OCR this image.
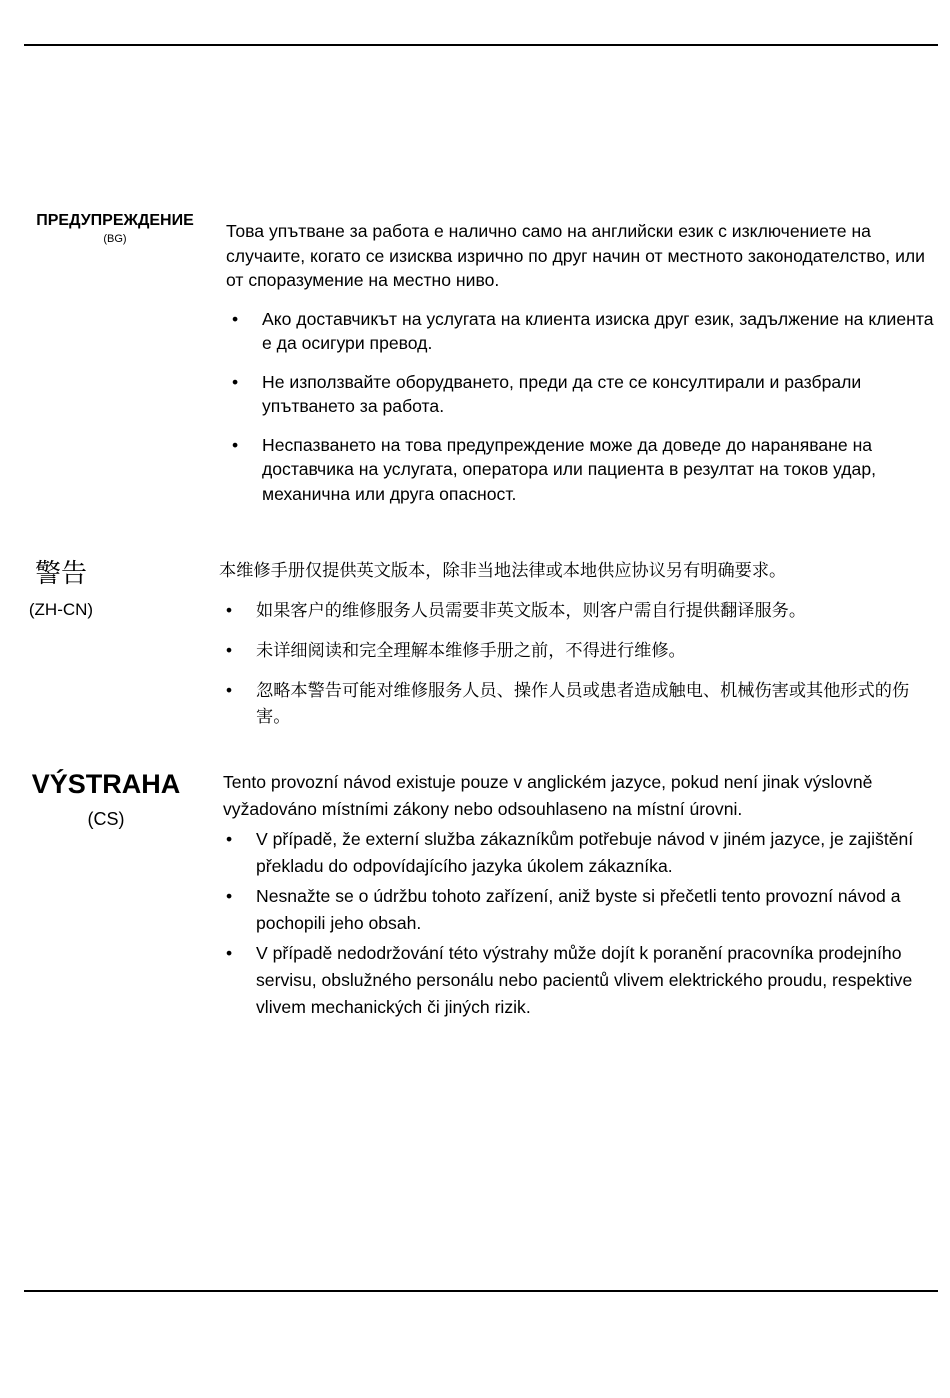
ПРЕДУПРЕЖДЕНИЕ
(BG)	Това упътване за работа е налично само на английски език с изключениeте на случаите, когато се изисква изрично по друг начин от местното законодателство, или от споразумение на местно ниво.

• Ако доставчикът на услугата на клиента изиска друг език, задължение на клиента е да осигури превод.
• Не използвайте оборудването, преди да сте се консултирали и разбрали упътването за работа.
• Неспазването на това предупреждение може да доведе до нараняване на доставчика на услугата, оператора или пациента в резултат на токов удар, механична или друга опасност.
警告
(ZH-CN)

本维修手册仅提供英文版本，除非当地法律或本地供应协议另有明确要求。

• 如果客户的维修服务人员需要非英文版本，则客户需自行提供翻译服务。
• 未详细阅读和完全理解本维修手册之前，不得进行维修。
• 忽略本警告可能对维修服务人员、操作人员或患者造成触电、机械伤害或其他形式的伤害。
VÝSTRAHA
(CS)

Tento provozní návod existuje pouze v anglickém jazyce, pokud není jinak výslovně vyžadováno místními zákony nebo odsouhlaseno na místní úrovni.

• V případě, že externí služba zákazníkům potřebuje návod v jiném jazyce, je zajištění překladu do odpovídajícího jazyka úkolem zákazníka.
• Nesnažte se o údržbu tohoto zařízení, aniž byste si přečetli tento provozní návod a pochopili jeho obsah.
• V případě nedodržování této výstrahy může dojít k poranění pracovníka prodejního servisu, obslužného personálu nebo pacientů vlivem elektrického proudu, respektive vlivem mechanických či jiných rizik.
